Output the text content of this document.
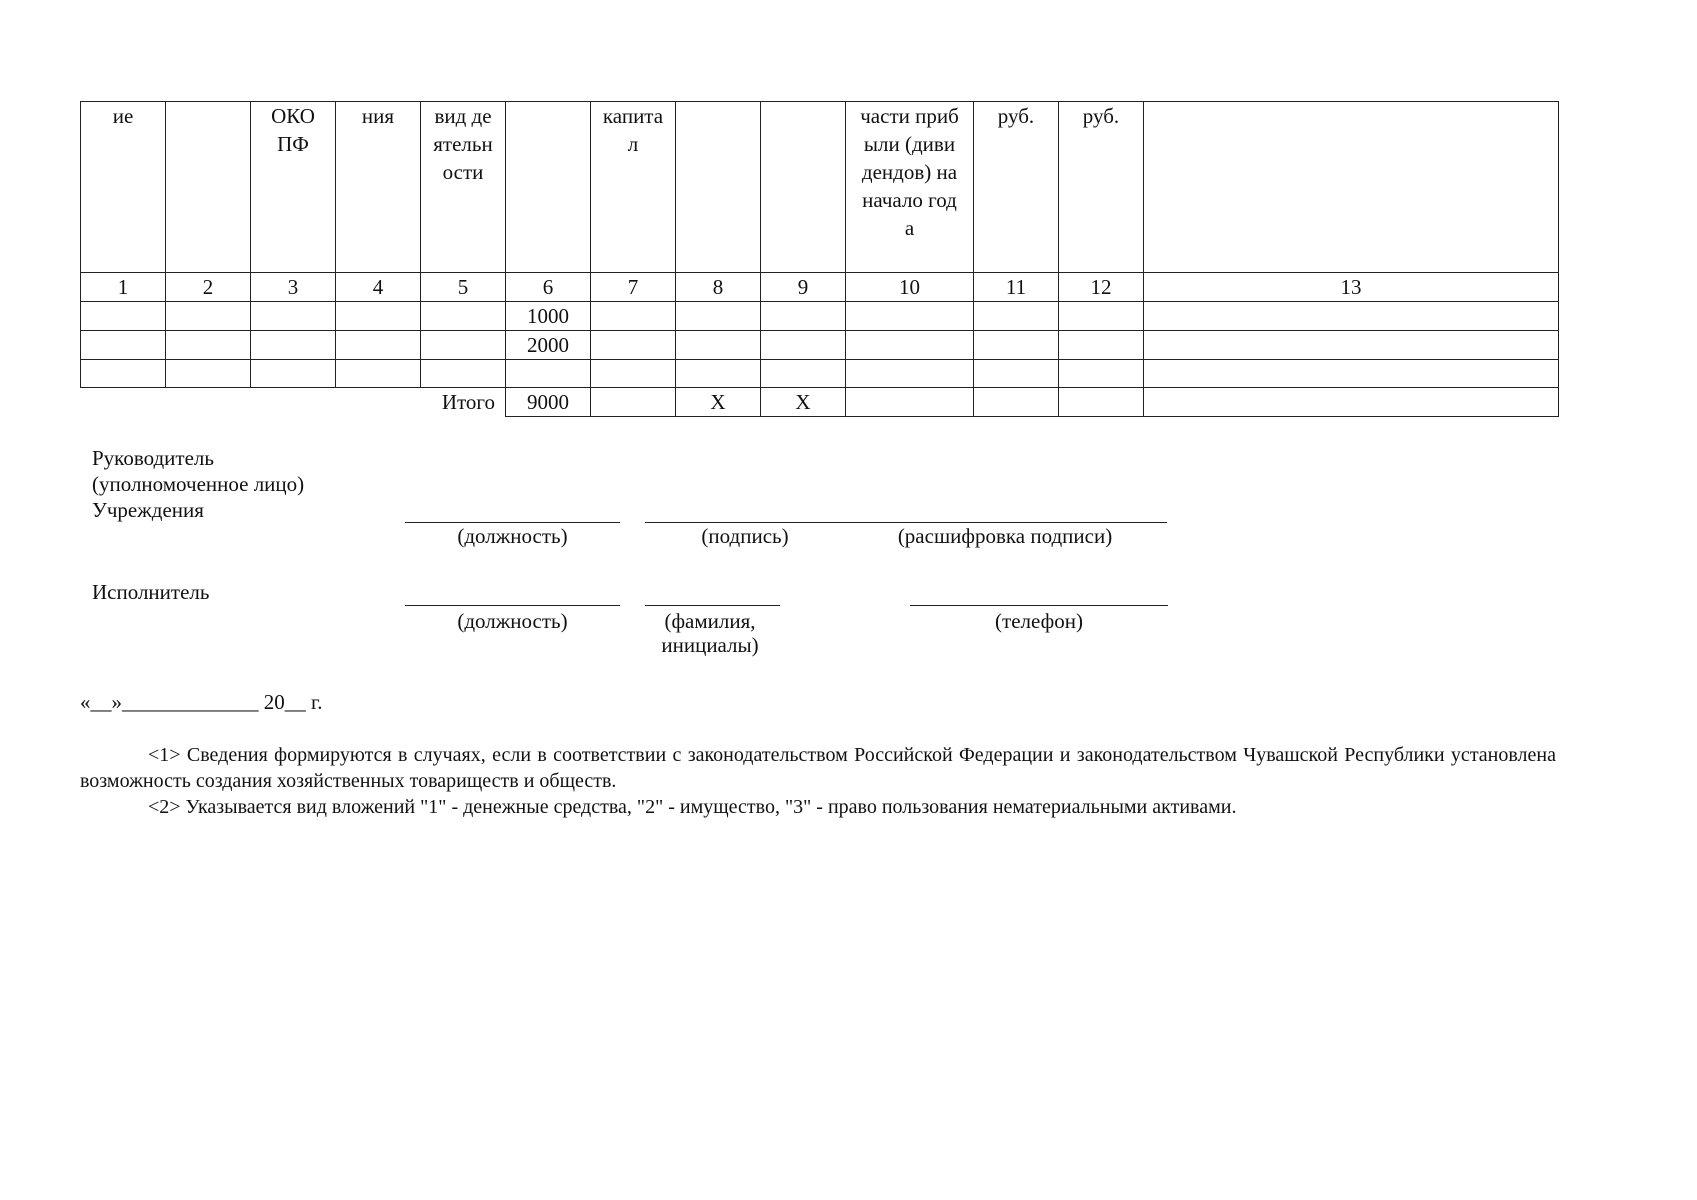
ие		ОКО ПФ	ния	вид деятельности		капитал			части прибыли (дивидендов) на начало года	руб.	руб.	

1	2	3	4	5	6	7	8	9	10	11	12	13
					1000							
					2000							

Итого					9000		X	X				
Руководитель
(уполномоченное лицо)
Учреждения
(должность)	(подпись)	(расшифровка подписи)
Исполнитель
(должность)	(фамилия,
инициалы)
(телефон)
«__»_____________ 20__ г.

<1> Сведения формируются в случаях, если в соответствии с законодательством Российской Федерации и законодательством Чувашской Республики установлена возможность создания хозяйственных товариществ и обществ.

<2> Указывается вид вложений "1" - денежные средства, "2" - имущество, "3" - право пользования нематериальными активами.
